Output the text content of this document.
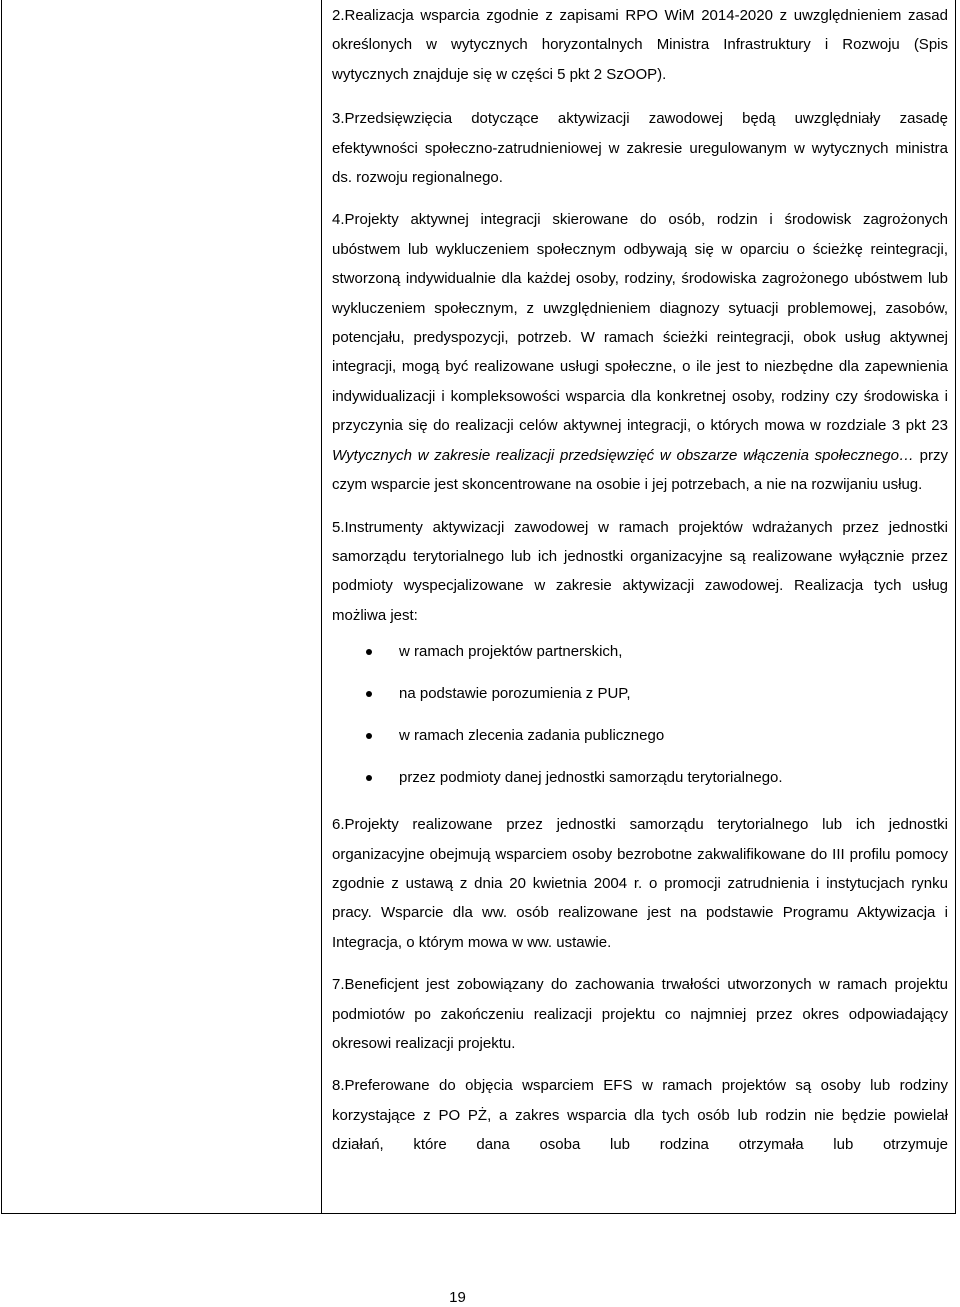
2.Realizacja wsparcia zgodnie z zapisami RPO WiM 2014-2020 z uwzględnieniem zasad określonych w wytycznych horyzontalnych Ministra Infrastruktury i Rozwoju (Spis wytycznych znajduje się w części 5 pkt 2 SzOOP).

3.Przedsięwzięcia dotyczące aktywizacji zawodowej będą uwzględniały zasadę efektywności społeczno-zatrudnieniowej w zakresie uregulowanym w wytycznych ministra ds. rozwoju regionalnego.

4.Projekty aktywnej integracji skierowane do osób, rodzin i środowisk zagrożonych ubóstwem lub wykluczeniem społecznym odbywają się w oparciu o ścieżkę reintegracji, stworzoną indywidualnie dla każdej osoby, rodziny, środowiska zagrożonego ubóstwem lub wykluczeniem społecznym, z uwzględnieniem diagnozy sytuacji problemowej, zasobów, potencjału, predyspozycji, potrzeb. W ramach ścieżki reintegracji, obok usług aktywnej integracji, mogą być realizowane usługi społeczne, o ile jest to niezbędne dla zapewnienia indywidualizacji i kompleksowości wsparcia dla konkretnej osoby, rodziny czy środowiska i przyczynia się do realizacji celów aktywnej integracji, o których mowa w rozdziale 3 pkt 23 Wytycznych w zakresie realizacji przedsięwzięć w obszarze włączenia społecznego… przy czym wsparcie jest skoncentrowane na osobie i jej potrzebach, a nie na rozwijaniu usług.

5.Instrumenty aktywizacji zawodowej w ramach projektów wdrażanych przez jednostki samorządu terytorialnego lub ich jednostki organizacyjne są realizowane wyłącznie przez podmioty wyspecjalizowane w zakresie aktywizacji zawodowej. Realizacja tych usług możliwa jest:

w ramach projektów partnerskich,
na podstawie porozumienia z PUP,
w ramach zlecenia zadania publicznego
przez podmioty danej jednostki samorządu terytorialnego.

6.Projekty realizowane przez jednostki samorządu terytorialnego lub ich jednostki organizacyjne obejmują wsparciem osoby bezrobotne zakwalifikowane do III profilu pomocy zgodnie z ustawą z dnia 20 kwietnia 2004 r. o promocji zatrudnienia i instytucjach rynku pracy. Wsparcie dla ww. osób realizowane jest na podstawie Programu Aktywizacja i Integracja, o którym mowa w ww. ustawie.

7.Beneficjent jest zobowiązany do zachowania trwałości utworzonych w ramach projektu podmiotów po zakończeniu realizacji projektu co najmniej przez okres odpowiadający okresowi realizacji projektu.

8.Preferowane do objęcia wsparciem EFS w ramach projektów są osoby lub rodziny korzystające z PO PŻ, a zakres wsparcia dla tych osób lub rodzin nie będzie powielał działań, które dana osoba lub rodzina otrzymała lub otrzymuje

19
